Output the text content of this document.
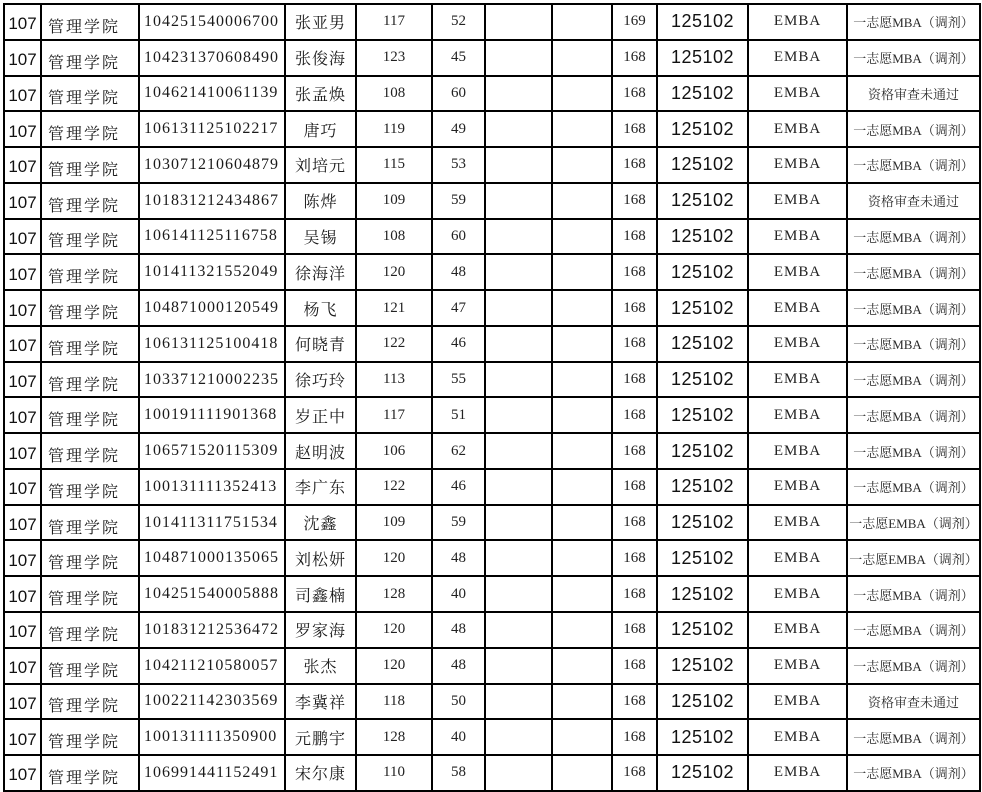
107 管理学院	104251540006700 张亚男	117	52	169	125102	EMBA	一志愿MBA（调剂）
107 管理学院	104231370608490 张俊海	123	45	168	125102	EMBA	一志愿MBA（调剂）
107 管理学院	104621410061139	张孟焕	108	60	168	125102	EMBA	资格审查未通过
107 管理学院	106131125102217	唐巧	119	49	168	125102	EMBA	一志愿MBA（调剂）
107 管理学院	103071210604879 刘培元	115	53	168	125102	EMBA	一志愿MBA（调剂）
107 管理学院	101831212434867	陈烨	109	59	168	125102	EMBA	资格审查未通过
107 管理学院	106141125116758	吴锡	108	60	168	125102	EMBA	一志愿MBA（调剂）
107 管理学院	101411321552049	徐海洋	120	48	168	125102	EMBA	一志愿MBA（调剂）
107 管理学院	104871000120549	杨飞	121	47	168	125102	EMBA	一志愿MBA（调剂）
107 管理学院	106131125100418	何晓青	122	46	168	125102	EMBA	一志愿MBA（调剂）
107 管理学院	103371210002235 徐巧玲	113	55	168	125102	EMBA	一志愿MBA（调剂）
107 管理学院	100191111901368	岁正中	117	51	168	125102	EMBA	一志愿MBA（调剂）
107 管理学院	106571520115309	赵明波	106	62	168	125102	EMBA	一志愿MBA（调剂）
107 管理学院	100131111352413	李广东	122	46	168	125102	EMBA	一志愿MBA（调剂）
107 管理学院	101411311751534	沈鑫	109	59	168	125102	EMBA	一志愿EMBA（调剂）
107 管理学院	104871000135065 刘松妍	120	48	168	125102	EMBA	一志愿EMBA（调剂）
107 管理学院	104251540005888 司鑫楠	128	40	168	125102	EMBA	一志愿MBA（调剂）
107 管理学院	101831212536472 罗家海	120	48	168	125102	EMBA	一志愿MBA（调剂）
107 管理学院	104211210580057	张杰	120	48	168	125102	EMBA	一志愿MBA（调剂）
107 管理学院	100221142303569	李冀祥	118	50	168	125102	EMBA	资格审查未通过
107 管理学院	100131111350900	元鹏宇	128	40	168	125102	EMBA	一志愿MBA（调剂）
107 管理学院	106991441152491	宋尔康	110	58	168	125102	EMBA	一志愿MBA（调剂）
